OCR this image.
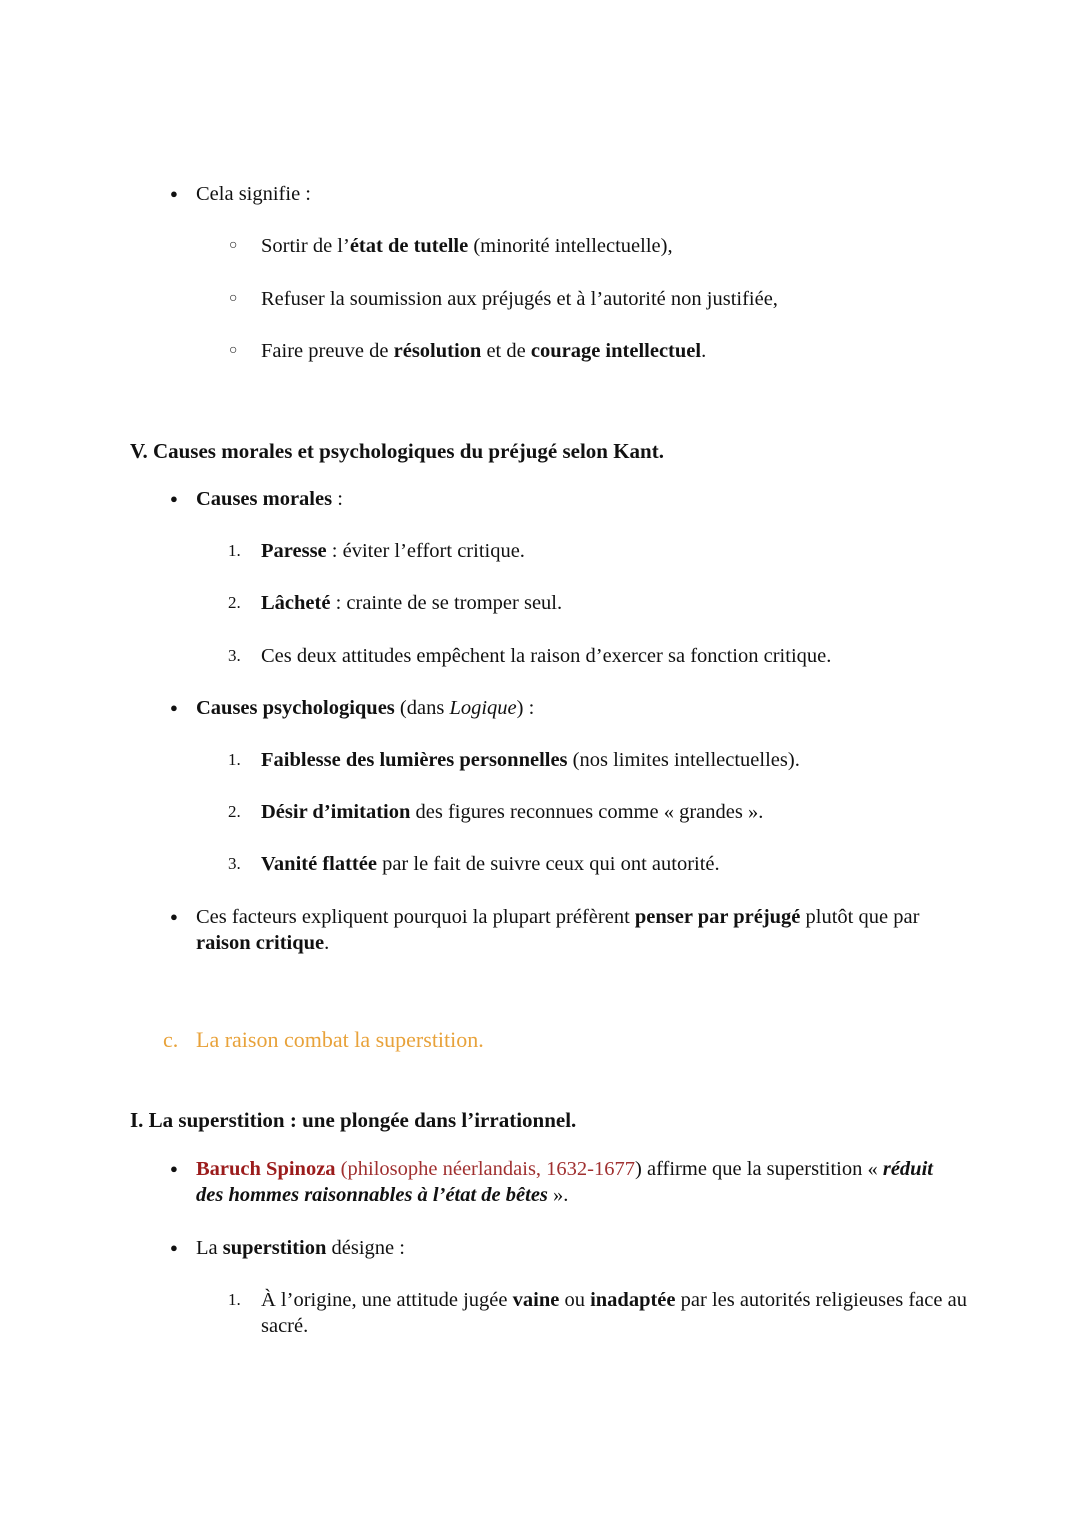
● Cela signifie :
○ Sortir de l’état de tutelle (minorité intellectuelle),
○ Refuser la soumission aux préjugés et à l’autorité non justifiée,
○ Faire preuve de résolution et de courage intellectuel.
V. Causes morales et psychologiques du préjugé selon Kant.
● Causes morales :
1. Paresse : éviter l’effort critique.
2. Lâcheté : crainte de se tromper seul.
3. Ces deux attitudes empêchent la raison d’exercer sa fonction critique.
● Causes psychologiques (dans Logique) :
1. Faiblesse des lumières personnelles (nos limites intellectuelles).
2. Désir d’imitation des figures reconnues comme « grandes ».
3. Vanité flattée par le fait de suivre ceux qui ont autorité.
● Ces facteurs expliquent pourquoi la plupart préfèrent penser par préjugé plutôt que par raison critique.
c. La raison combat la superstition.
I. La superstition : une plongée dans l’irrationnel.
● Baruch Spinoza (philosophe néerlandais, 1632-1677) affirme que la superstition « réduit des hommes raisonnables à l’état de bêtes ».
● La superstition désigne :
1. À l’origine, une attitude jugée vaine ou inadaptée par les autorités religieuses face au sacré.
